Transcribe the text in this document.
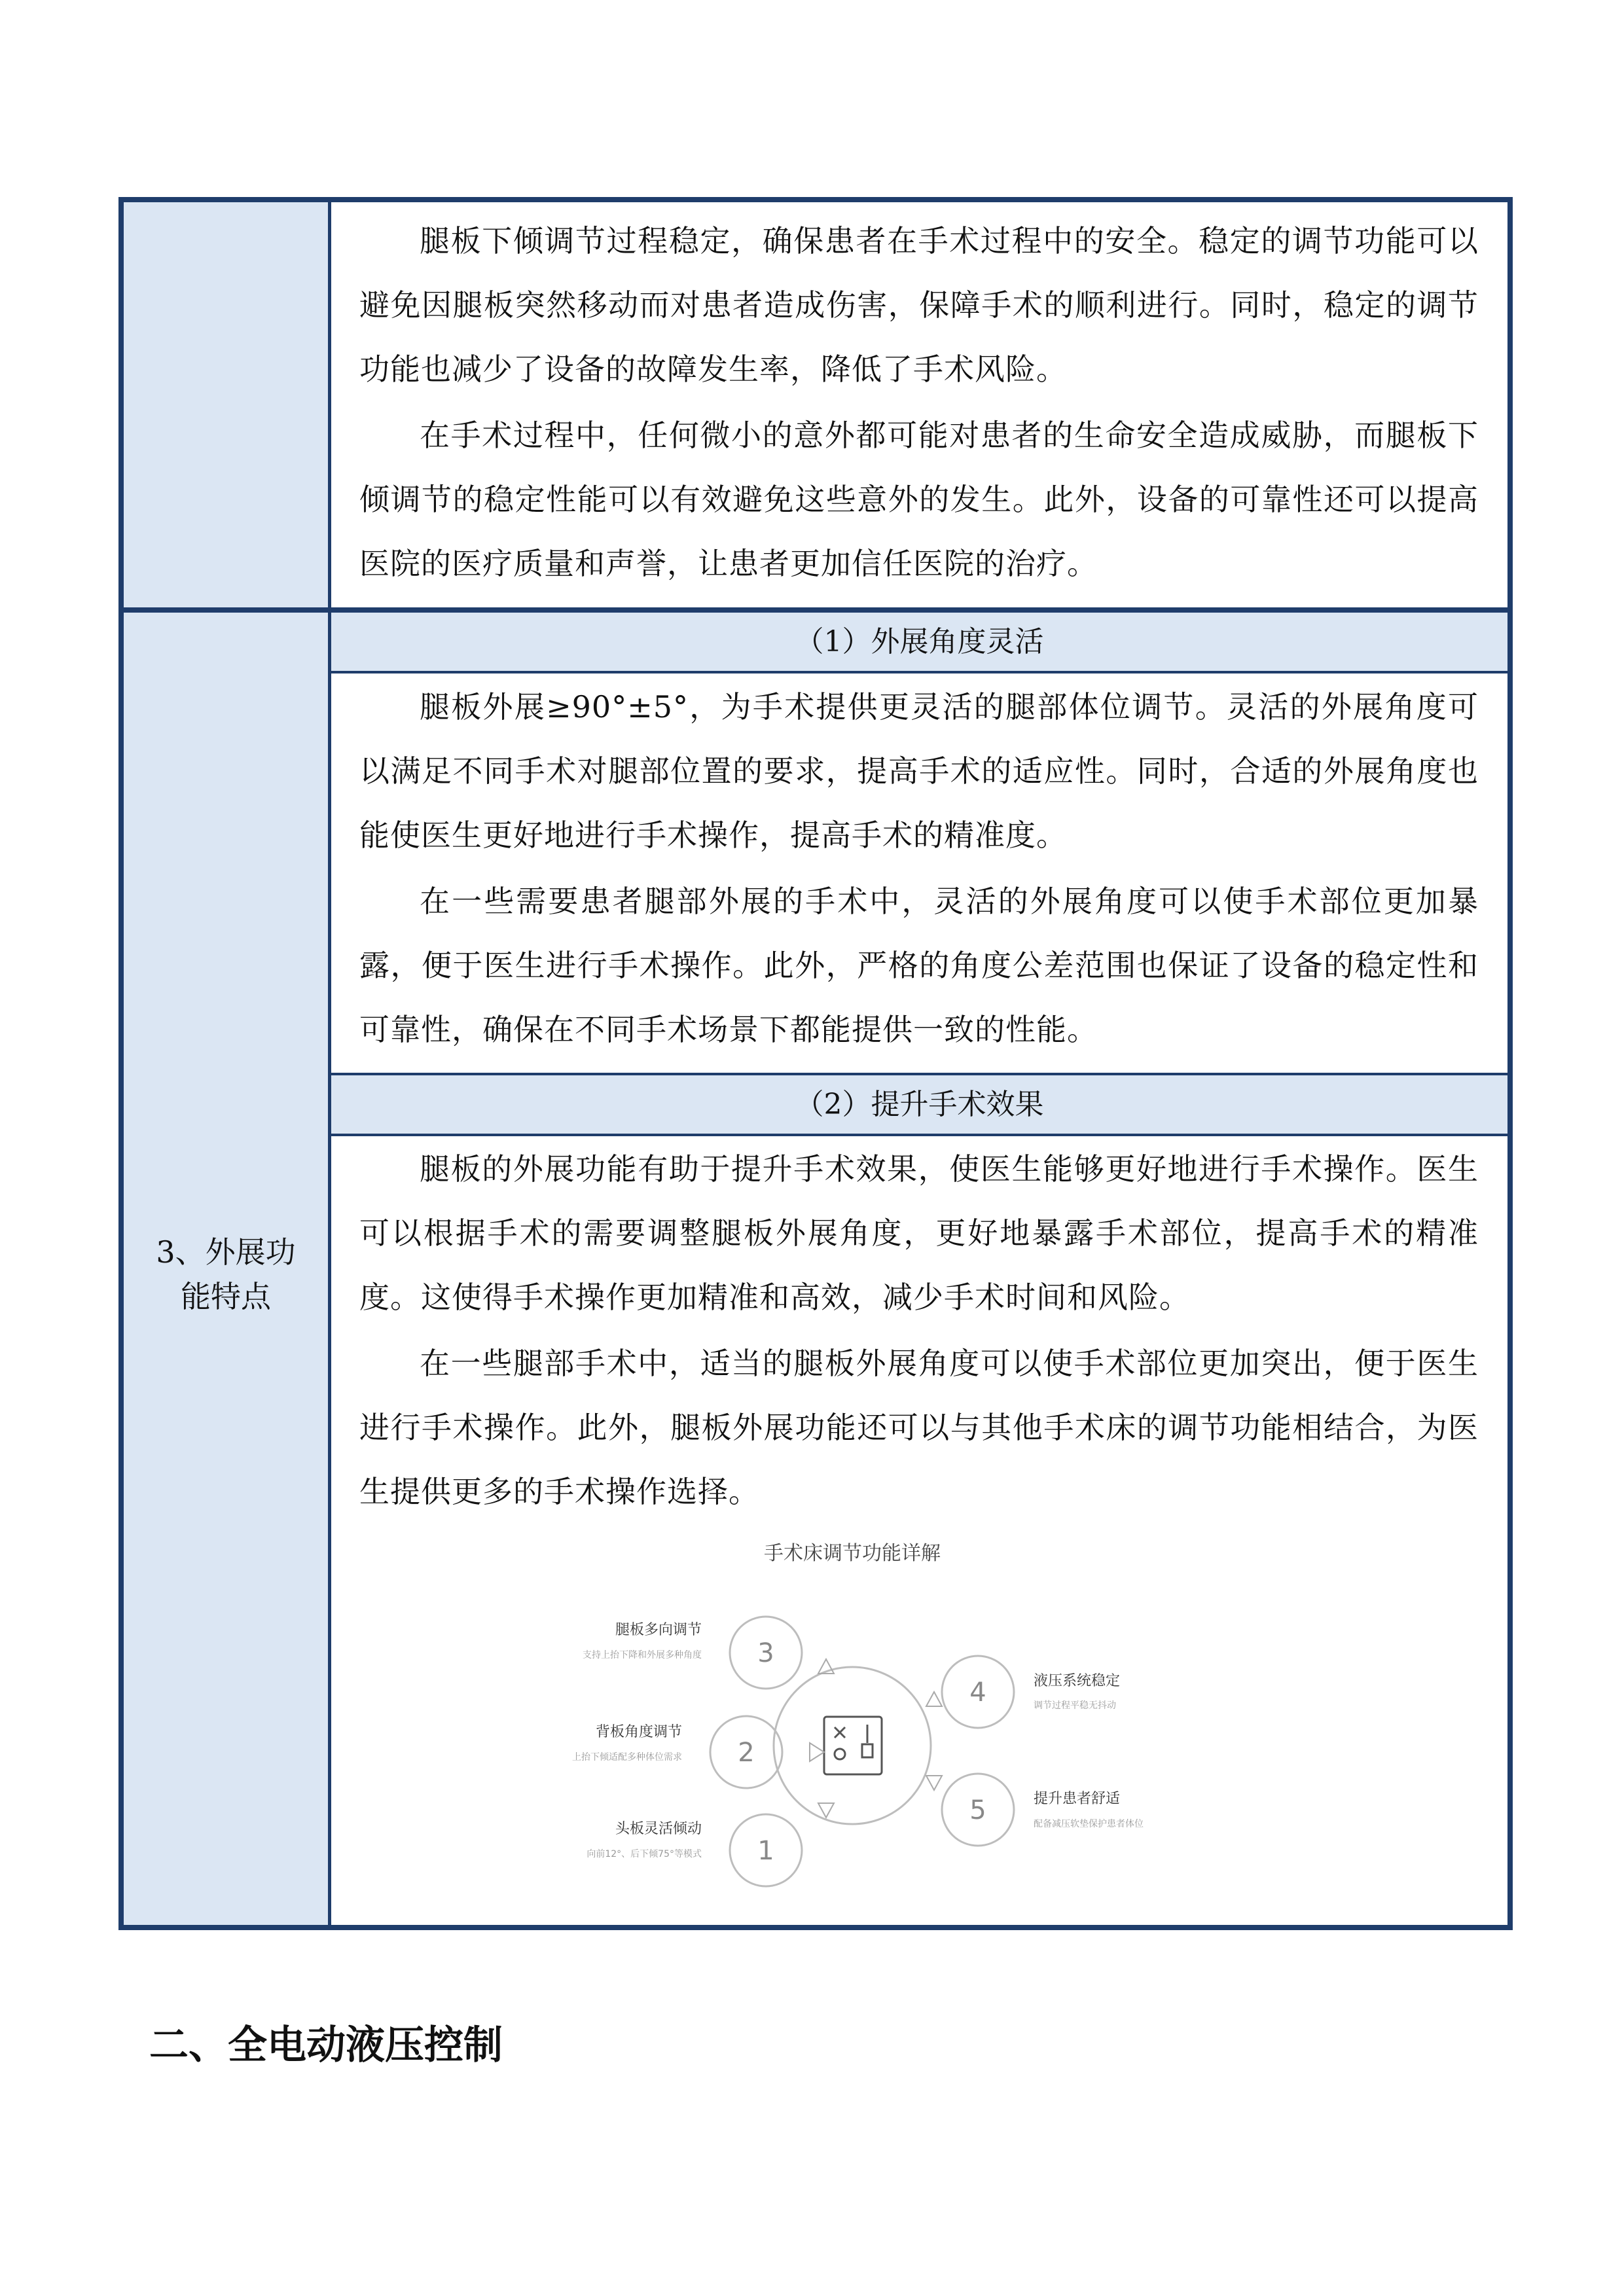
腿板下倾调节过程稳定，确保患者在手术过程中的安全。稳定的调节功能可以避免因腿板突然移动而对患者造成伤害，保障手术的顺利进行。同时，稳定的调节功能也减少了设备的故障发生率，降低了手术风险。

在手术过程中，任何微小的意外都可能对患者的生命安全造成威胁，而腿板下倾调节的稳定性能可以有效避免这些意外的发生。此外，设备的可靠性还可以提高医院的医疗质量和声誉，让患者更加信任医院的治疗。

3、外展功
能特点
（1）外展角度灵活

腿板外展≥90°±5°，为手术提供更灵活的腿部体位调节。灵活的外展角度可以满足不同手术对腿部位置的要求，提高手术的适应性。同时，合适的外展角度也能使医生更好地进行手术操作，提高手术的精准度。

在一些需要患者腿部外展的手术中，灵活的外展角度可以使手术部位更加暴露，便于医生进行手术操作。此外，严格的角度公差范围也保证了设备的稳定性和可靠性，确保在不同手术场景下都能提供一致的性能。

（2）提升手术效果

腿板的外展功能有助于提升手术效果，使医生能够更好地进行手术操作。医生可以根据手术的需要调整腿板外展角度，更好地暴露手术部位，提高手术的精准度。这使得手术操作更加精准和高效，减少手术时间和风险。

在一些腿部手术中，适当的腿板外展角度可以使手术部位更加突出，便于医生进行手术操作。此外，腿板外展功能还可以与其他手术床的调节功能相结合，为医生提供更多的手术操作选择。

手术床调节功能详解
3
腿板多向调节
支持上抬下降和外展多种角度
2
背板角度调节
上抬下倾适配多种体位需求
1
头板灵活倾动
向前12°、后下倾75°等模式
4	液压系统稳定
调节过程平稳无抖动
5	提升患者舒适
配备减压软垫保护患者体位
二、全电动液压控制
